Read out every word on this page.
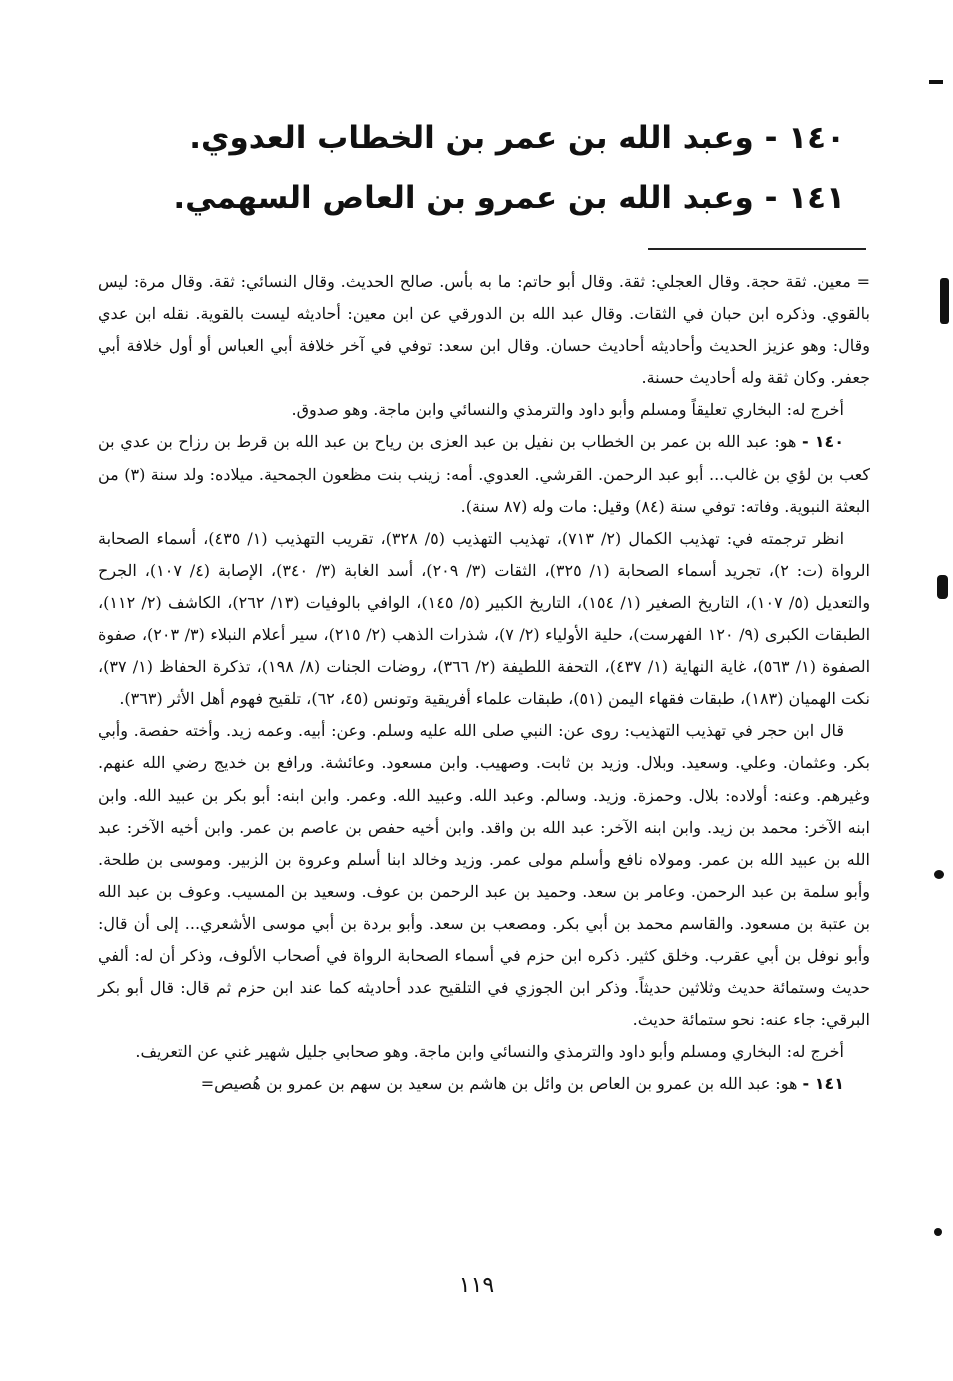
١٤٠ - وعبد الله بن عمر بن الخطاب العدوي.
١٤١ - وعبد الله بن عمرو بن العاص السهمي.

= معين. ثقة حجة. وقال العجلي: ثقة. وقال أبو حاتم: ما به بأس. صالح الحديث. وقال النسائي: ثقة. وقال مرة: ليس بالقوي. وذكره ابن حبان في الثقات. وقال عبد الله بن الدورقي عن ابن معين: أحاديثه ليست بالقوية. نقله ابن عدي وقال: وهو عزيز الحديث وأحاديثه أحاديث حسان. وقال ابن سعد: توفي في آخر خلافة أبي العباس أو أول خلافة أبي جعفر. وكان ثقة وله أحاديث حسنة.

أخرج له: البخاري تعليقاً ومسلم وأبو داود والترمذي والنسائي وابن ماجة. وهو صدوق.

١٤٠ - هو: عبد الله بن عمر بن الخطاب بن نفيل بن عبد العزى بن رياح بن عبد الله بن قرط بن رزاح بن عدي بن كعب بن لؤي بن غالب... أبو عبد الرحمن. القرشي. العدوي. أمه: زينب بنت مظعون الجمحية. ميلاده: ولد سنة (٣) من البعثة النبوية. وفاته: توفي سنة (٨٤) وقيل: مات وله (٨٧ سنة).

انظر ترجمته في: تهذيب الكمال (٢/ ٧١٣)، تهذيب التهذيب (٥/ ٣٢٨)، تقريب التهذيب (١/ ٤٣٥)، أسماء الصحابة الرواة (ت: ٢)، تجريد أسماء الصحابة (١/ ٣٢٥)، الثقات (٣/ ٢٠٩)، أسد الغابة (٣/ ٣٤٠)، الإصابة (٤/ ١٠٧)، الجرح والتعديل (٥/ ١٠٧)، التاريخ الصغير (١/ ١٥٤)، التاريخ الكبير (٥/ ١٤٥)، الوافي بالوفيات (١٣/ ٢٦٢)، الكاشف (٢/ ١١٢)، الطبقات الكبرى (٩/ ١٢٠ الفهرست)، حلية الأولياء (٢/ ٧)، شذرات الذهب (٢/ ٢١٥)، سير أعلام النبلاء (٣/ ٢٠٣)، صفوة الصفوة (١/ ٥٦٣)، غاية النهاية (١/ ٤٣٧)، التحفة اللطيفة (٢/ ٣٦٦)، روضات الجنات (٨/ ١٩٨)، تذكرة الحفاظ (١/ ٣٧)، نكت الهميان (١٨٣)، طبقات فقهاء اليمن (٥١)، طبقات علماء أفريقية وتونس (٤٥، ٦٢)، تلقيح فهوم أهل الأثر (٣٦٣).

قال ابن حجر في تهذيب التهذيب: روى عن: النبي صلى الله عليه وسلم. وعن: أبيه. وعمه زيد. وأخته حفصة. وأبي بكر. وعثمان. وعلي. وسعيد. وبلال. وزيد بن ثابت. وصهيب. وابن مسعود. وعائشة. ورافع بن خديج رضي الله عنهم. وغيرهم. وعنه: أولاده: بلال. وحمزة. وزيد. وسالم. وعبد الله. وعبيد الله. وعمر. وابن ابنه: أبو بكر بن عبيد الله. وابن ابنه الآخر: محمد بن زيد. وابن ابنه الآخر: عبد الله بن واقد. وابن أخيه حفص بن عاصم بن عمر. وابن أخيه الآخر: عبد الله بن عبيد الله بن عمر. ومولاه نافع وأسلم مولى عمر. وزيد وخالد ابنا أسلم وعروة بن الزبير. وموسى بن طلحة. وأبو سلمة بن عبد الرحمن. وعامر بن سعد. وحميد بن عبد الرحمن بن عوف. وسعيد بن المسيب. وعوف بن عبد الله بن عتبة بن مسعود. والقاسم محمد بن أبي بكر. ومصعب بن سعد. وأبو بردة بن أبي موسى الأشعري... إلى أن قال: وأبو نوفل بن أبي عقرب. وخلق كثير. ذكره ابن حزم في أسماء الصحابة الرواة في أصحاب الألوف، وذكر أن له: ألفي حديث وستمائة حديث وثلاثين حديثاً. وذكر ابن الجوزي في التلقيح عدد أحاديثه كما عند ابن حزم ثم قال: قال أبو بكر البرقي: جاء عنه: نحو ستمائة حديث.

أخرج له: البخاري ومسلم وأبو داود والترمذي والنسائي وابن ماجة. وهو صحابي جليل شهير غني عن التعريف.

١٤١ - هو: عبد الله بن عمرو بن العاص بن وائل بن هاشم بن سعيد بن سهم بن عمرو بن هُصيص=

١١٩
